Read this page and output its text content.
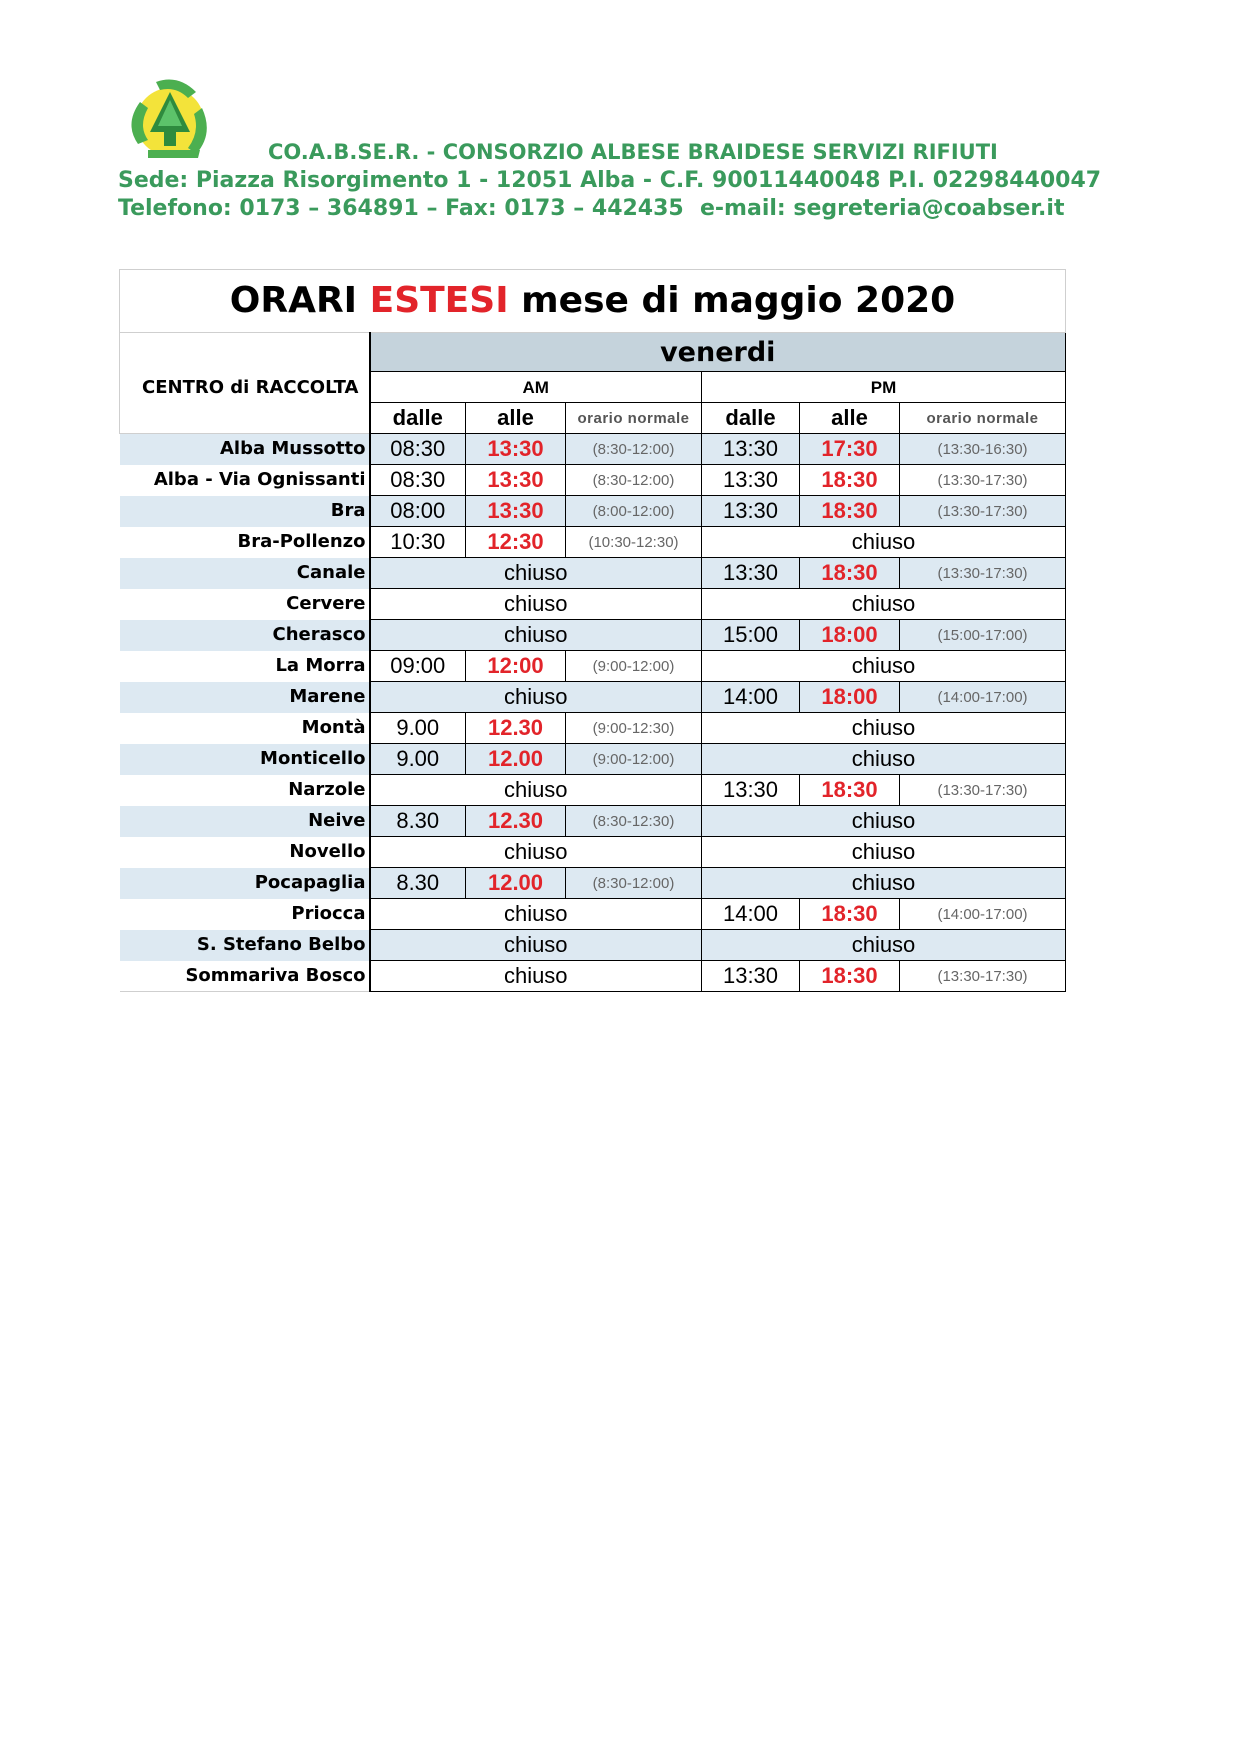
CO.A.B.SE.R. - CONSORZIO ALBESE BRAIDESE SERVIZI RIFIUTI
Sede: Piazza Risorgimento 1 - 12051 Alba - C.F. 90011440048 P.I. 02298440047
Telefono: 0173 – 364891 – Fax: 0173 – 442435 e-mail: segreteria@coabser.it
ORARI ESTESI mese di maggio 2020						
CENTRO di RACCOLTA	venerdi					
	AM			PM		
	dalle	alle	orario normale	dalle	alle	orario normale
Alba Mussotto	08:30	13:30	(8:30-12:00)	13:30	17:30	(13:30-16:30)
Alba - Via Ognissanti	08:30	13:30	(8:30-12:00)	13:30	18:30	(13:30-17:30)
Bra	08:00	13:30	(8:00-12:00)	13:30	18:30	(13:30-17:30)
Bra-Pollenzo	10:30	12:30	(10:30-12:30)	chiuso		
Canale	chiuso			13:30	18:30	(13:30-17:30)
Cervere	chiuso			chiuso		
Cherasco	chiuso			15:00	18:00	(15:00-17:00)
La Morra	09:00	12:00	(9:00-12:00)	chiuso		
Marene	chiuso			14:00	18:00	(14:00-17:00)
Montà	9.00	12.30	(9:00-12:30)	chiuso		
Monticello	9.00	12.00	(9:00-12:00)	chiuso		
Narzole	chiuso			13:30	18:30	(13:30-17:30)
Neive	8.30	12.30	(8:30-12:30)	chiuso		
Novello	chiuso			chiuso		
Pocapaglia	8.30	12.00	(8:30-12:00)	chiuso		
Priocca	chiuso			14:00	18:30	(14:00-17:00)
S. Stefano Belbo	chiuso			chiuso		
Sommariva Bosco	chiuso			13:30	18:30	(13:30-17:30)
